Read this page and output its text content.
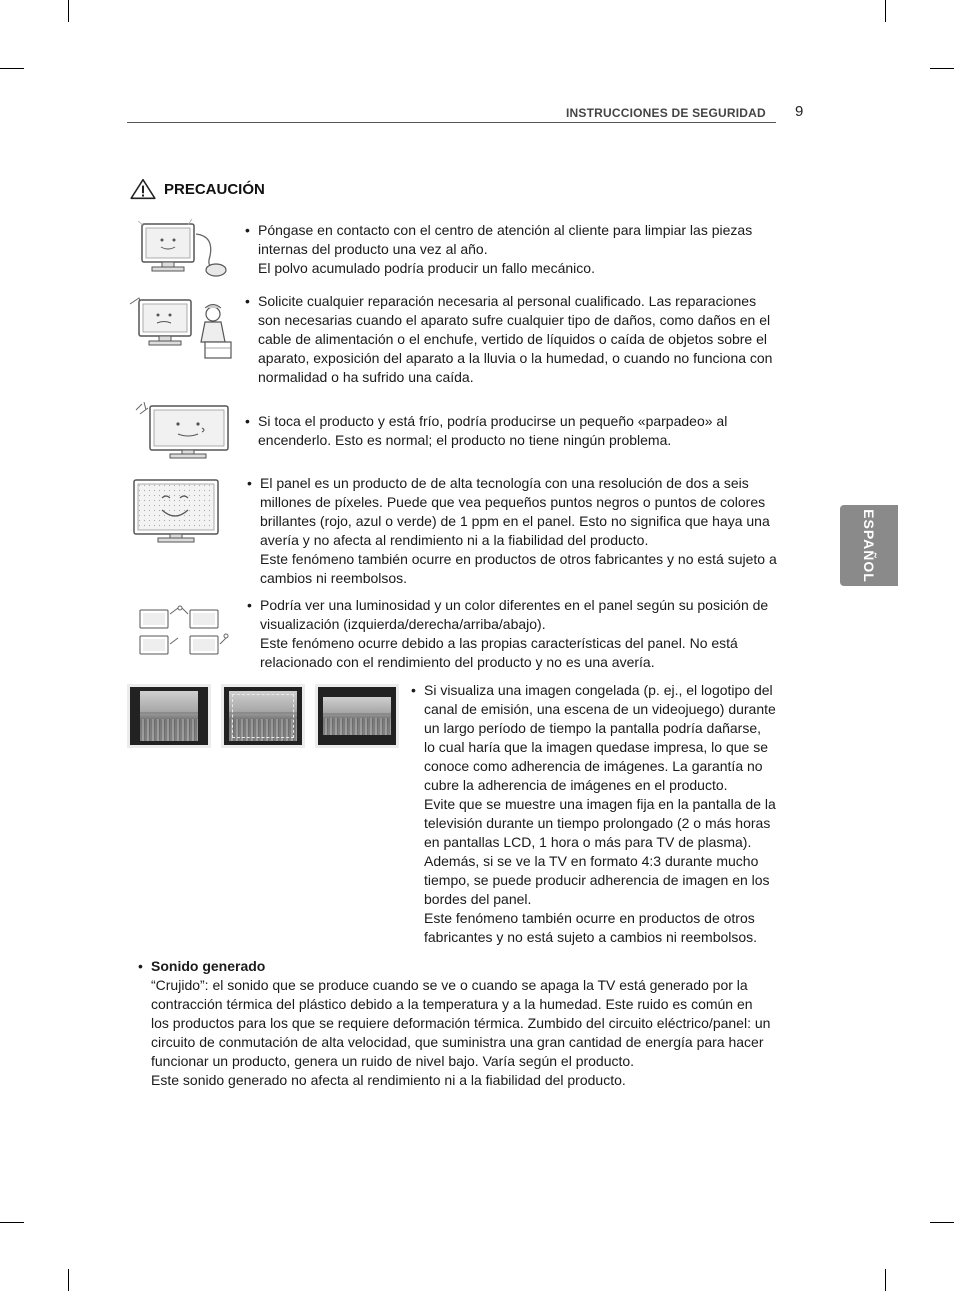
INSTRUCCIONES DE SEGURIDAD 9
ESPAÑOL
PRECAUCIÓN
• Póngase en contacto con el centro de atención al cliente para limpiar las piezas

internas del producto una vez al año.

El polvo acumulado podría producir un fallo mecánico.

• Solicite cualquier reparación necesaria al personal cualificado. Las reparaciones

son necesarias cuando el aparato sufre cualquier tipo de daños, como daños en el

cable de alimentación o el enchufe, vertido de líquidos o caída de objetos sobre el

aparato, exposición del aparato a la lluvia o la humedad, o cuando no funciona con

normalidad o ha sufrido una caída.

• Si toca el producto y está frío, podría producirse un pequeño «parpadeo» al

encenderlo. Esto es normal; el producto no tiene ningún problema.

• El panel es un producto de de alta tecnología con una resolución de dos a seis

millones de píxeles. Puede que vea pequeños puntos negros o puntos de colores

brillantes (rojo, azul o verde) de 1 ppm en el panel. Esto no significa que haya una

avería y no afecta al rendimiento ni a la fiabilidad del producto.

Este fenómeno también ocurre en productos de otros fabricantes y no está sujeto a

cambios ni reembolsos.

• Podría ver una luminosidad y un color diferentes en el panel según su posición de

visualización (izquierda/derecha/arriba/abajo).

Este fenómeno ocurre debido a las propias características del panel. No está

relacionado con el rendimiento del producto y no es una avería.

• Si visualiza una imagen congelada (p. ej., el logotipo del

canal de emisión, una escena de un videojuego) durante

un largo período de tiempo la pantalla podría dañarse,

lo cual haría que la imagen quedase impresa, lo que se

conoce como adherencia de imágenes. La garantía no

cubre la adherencia de imágenes en el producto.

Evite que se muestre una imagen fija en la pantalla de la

televisión durante un tiempo prolongado (2 o más horas

en pantallas LCD, 1 hora o más para TV de plasma).

Además, si se ve la TV en formato 4:3 durante mucho

tiempo, se puede producir adherencia de imagen en los

bordes del panel.

Este fenómeno también ocurre en productos de otros

fabricantes y no está sujeto a cambios ni reembolsos.

• Sonido generado

“Crujido”: el sonido que se produce cuando se ve o cuando se apaga la TV está generado por la

contracción térmica del plástico debido a la temperatura y a la humedad. Este ruido es común en

los productos para los que se requiere deformación térmica. Zumbido del circuito eléctrico/panel: un

circuito de conmutación de alta velocidad, que suministra una gran cantidad de energía para hacer

funcionar un producto, genera un ruido de nivel bajo. Varía según el producto.

Este sonido generado no afecta al rendimiento ni a la fiabilidad del producto.
